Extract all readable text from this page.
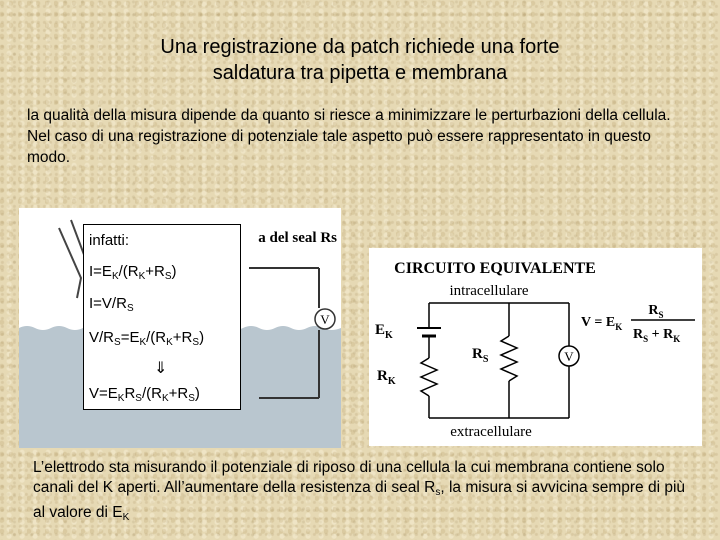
Una registrazione da patch richiede una forte
saldatura tra pipetta e membrana
la qualità della misura dipende da quanto si riesce a minimizzare le perturbazioni della cellula. Nel caso di una registrazione di potenziale tale aspetto può essere rappresentato in questo modo.
V
a del seal Rs
infatti:
$I=E_K/(R_K+R_S)$
$I=V/R_S$
$V/R_S=E_K/(R_K+R_S)$
⇓
$V=E_KR_S/(R_K+R_S)$
CIRCUITO EQUIVALENTE
intracellulare
extracellulare
V
$E_K$
$R_S$
$R_K$
$V = E_K$
$R_S$
$R_S + R_K$
L’elettrodo sta misurando il potenziale di riposo di una cellula la cui membrana contiene solo canali del K aperti. All’aumentare della resistenza di seal $R_s$, la misura si avvicina sempre di più al valore di $E_K$
